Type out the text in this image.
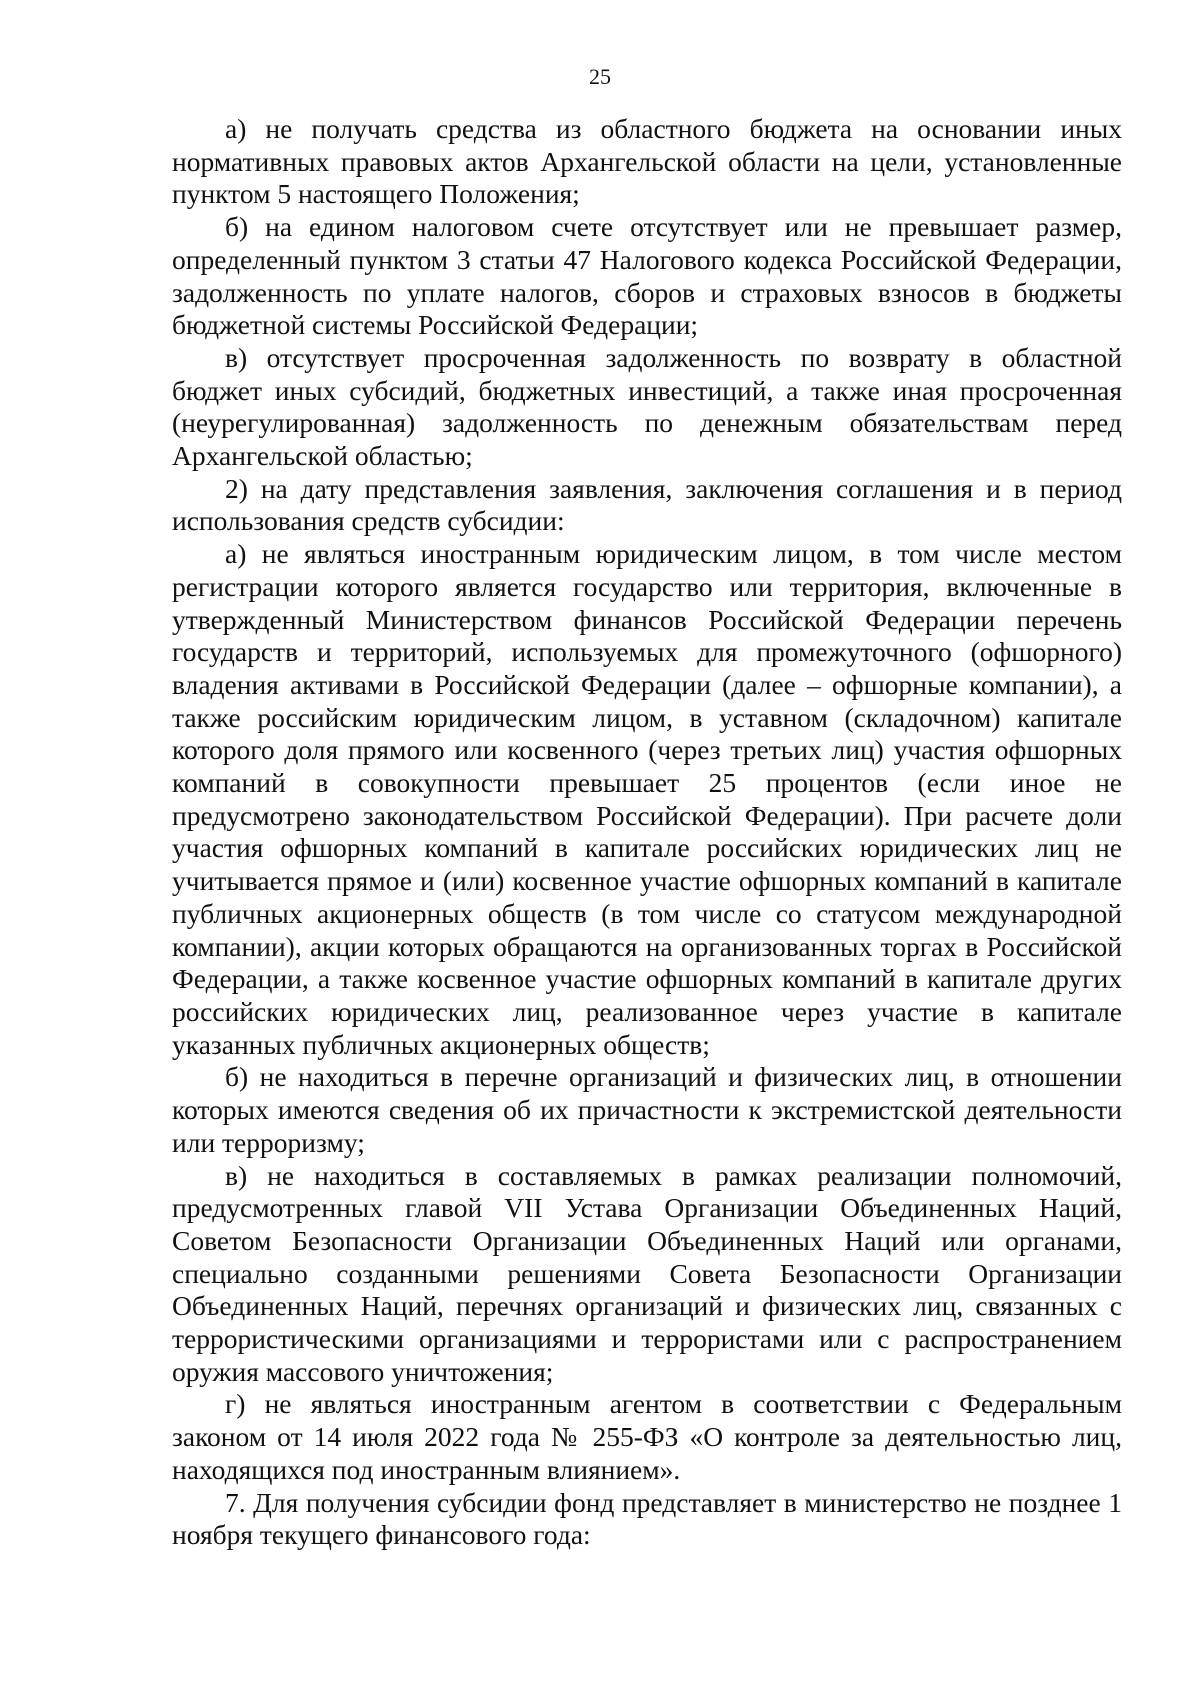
25

а) не получать средства из областного бюджета на основании иных нормативных правовых актов Архангельской области на цели, установленные пунктом 5 настоящего Положения;

б) на едином налоговом счете отсутствует или не превышает размер, определенный пунктом 3 статьи 47 Налогового кодекса Российской Федерации, задолженность по уплате налогов, сборов и страховых взносов в бюджеты бюджетной системы Российской Федерации;

в) отсутствует просроченная задолженность по возврату в областной бюджет иных субсидий, бюджетных инвестиций, а также иная просроченная (неурегулированная) задолженность по денежным обязательствам перед Архангельской областью;

2) на дату представления заявления, заключения соглашения и в период использования средств субсидии:

а) не являться иностранным юридическим лицом, в том числе местом регистрации которого является государство или территория, включенные в утвержденный Министерством финансов Российской Федерации перечень государств и территорий, используемых для промежуточного (офшорного) владения активами в Российской Федерации (далее – офшорные компании), а также российским юридическим лицом, в уставном (складочном) капитале которого доля прямого или косвенного (через третьих лиц) участия офшорных компаний в совокупности превышает 25 процентов (если иное не предусмотрено законодательством Российской Федерации). При расчете доли участия офшорных компаний в капитале российских юридических лиц не учитывается прямое и (или) косвенное участие офшорных компаний в капитале публичных акционерных обществ (в том числе со статусом международной компании), акции которых обращаются на организованных торгах в Российской Федерации, а также косвенное участие офшорных компаний в капитале других российских юридических лиц, реализованное через участие в капитале указанных публичных акционерных обществ;

б) не находиться в перечне организаций и физических лиц, в отношении которых имеются сведения об их причастности к экстремистской деятельности или терроризму;

в) не находиться в составляемых в рамках реализации полномочий, предусмотренных главой VII Устава Организации Объединенных Наций, Советом Безопасности Организации Объединенных Наций или органами, специально созданными решениями Совета Безопасности Организации Объединенных Наций, перечнях организаций и физических лиц, связанных с террористическими организациями и террористами или с распространением оружия массового уничтожения;

г) не являться иностранным агентом в соответствии с Федеральным законом от 14 июля 2022 года № 255-ФЗ «О контроле за деятельностью лиц, находящихся под иностранным влиянием».

7. Для получения субсидии фонд представляет в министерство не позднее 1 ноября текущего финансового года:
